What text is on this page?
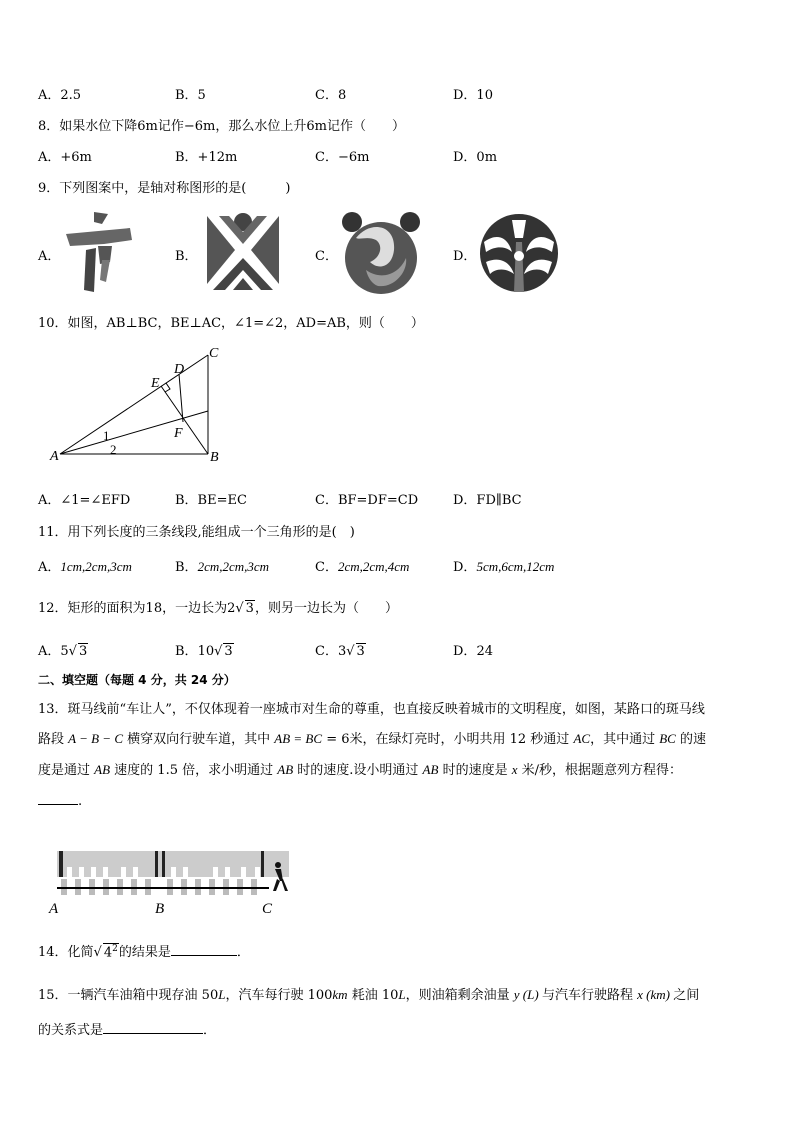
A．2.5	B．5	C．8	D．10
8．如果水位下降6m记作−6m，那么水位上升6m记作（　　）
A．+6m	B．+12m	C．−6m	D．0m
9．下列图案中，是轴对称图形的是(　　　)
A．	B．	C．	D．
10．如图，AB⊥BC，BE⊥AC，∠1=∠2，AD=AB，则（　　）
A	B
C
D
E
F
1
2
A．∠1=∠EFD	B．BE=EC	C．BF=DF=CD	D．FD∥BC
11．用下列长度的三条线段,能组成一个三角形的是(　)
A．1cm,2cm,3cm	B．2cm,2cm,3cm	C．2cm,2cm,4cm	D．5cm,6cm,12cm
12．矩形的面积为18，一边长为2√ 3，则另一边长为（　　）
A．5√ 3	B．10√ 3	C．3√ 3	D．24
二、填空题（每题 4 分，共 24 分）
13．斑马线前“车让人”，不仅体现着一座城市对生命的尊重，也直接反映着城市的文明程度，如图，某路口的斑马线
路段 A − B − C 横穿双向行驶车道，其中 AB = BC = 6米，在绿灯亮时，小明共用 12 秒通过 AC，其中通过 BC 的速
度是通过 AB 速度的 1.5 倍，求小明通过 AB 时的速度.设小明通过 AB 时的速度是 x 米/秒，根据题意列方程得：
.
A	B	C
14．化简√ $4^2$的结果是	．
15．一辆汽车油箱中现存油 50L，汽车每行驶 100km 耗油 10L，则油箱剩余油量 y (L) 与汽车行驶路程 x (km) 之间
的关系式是	．
